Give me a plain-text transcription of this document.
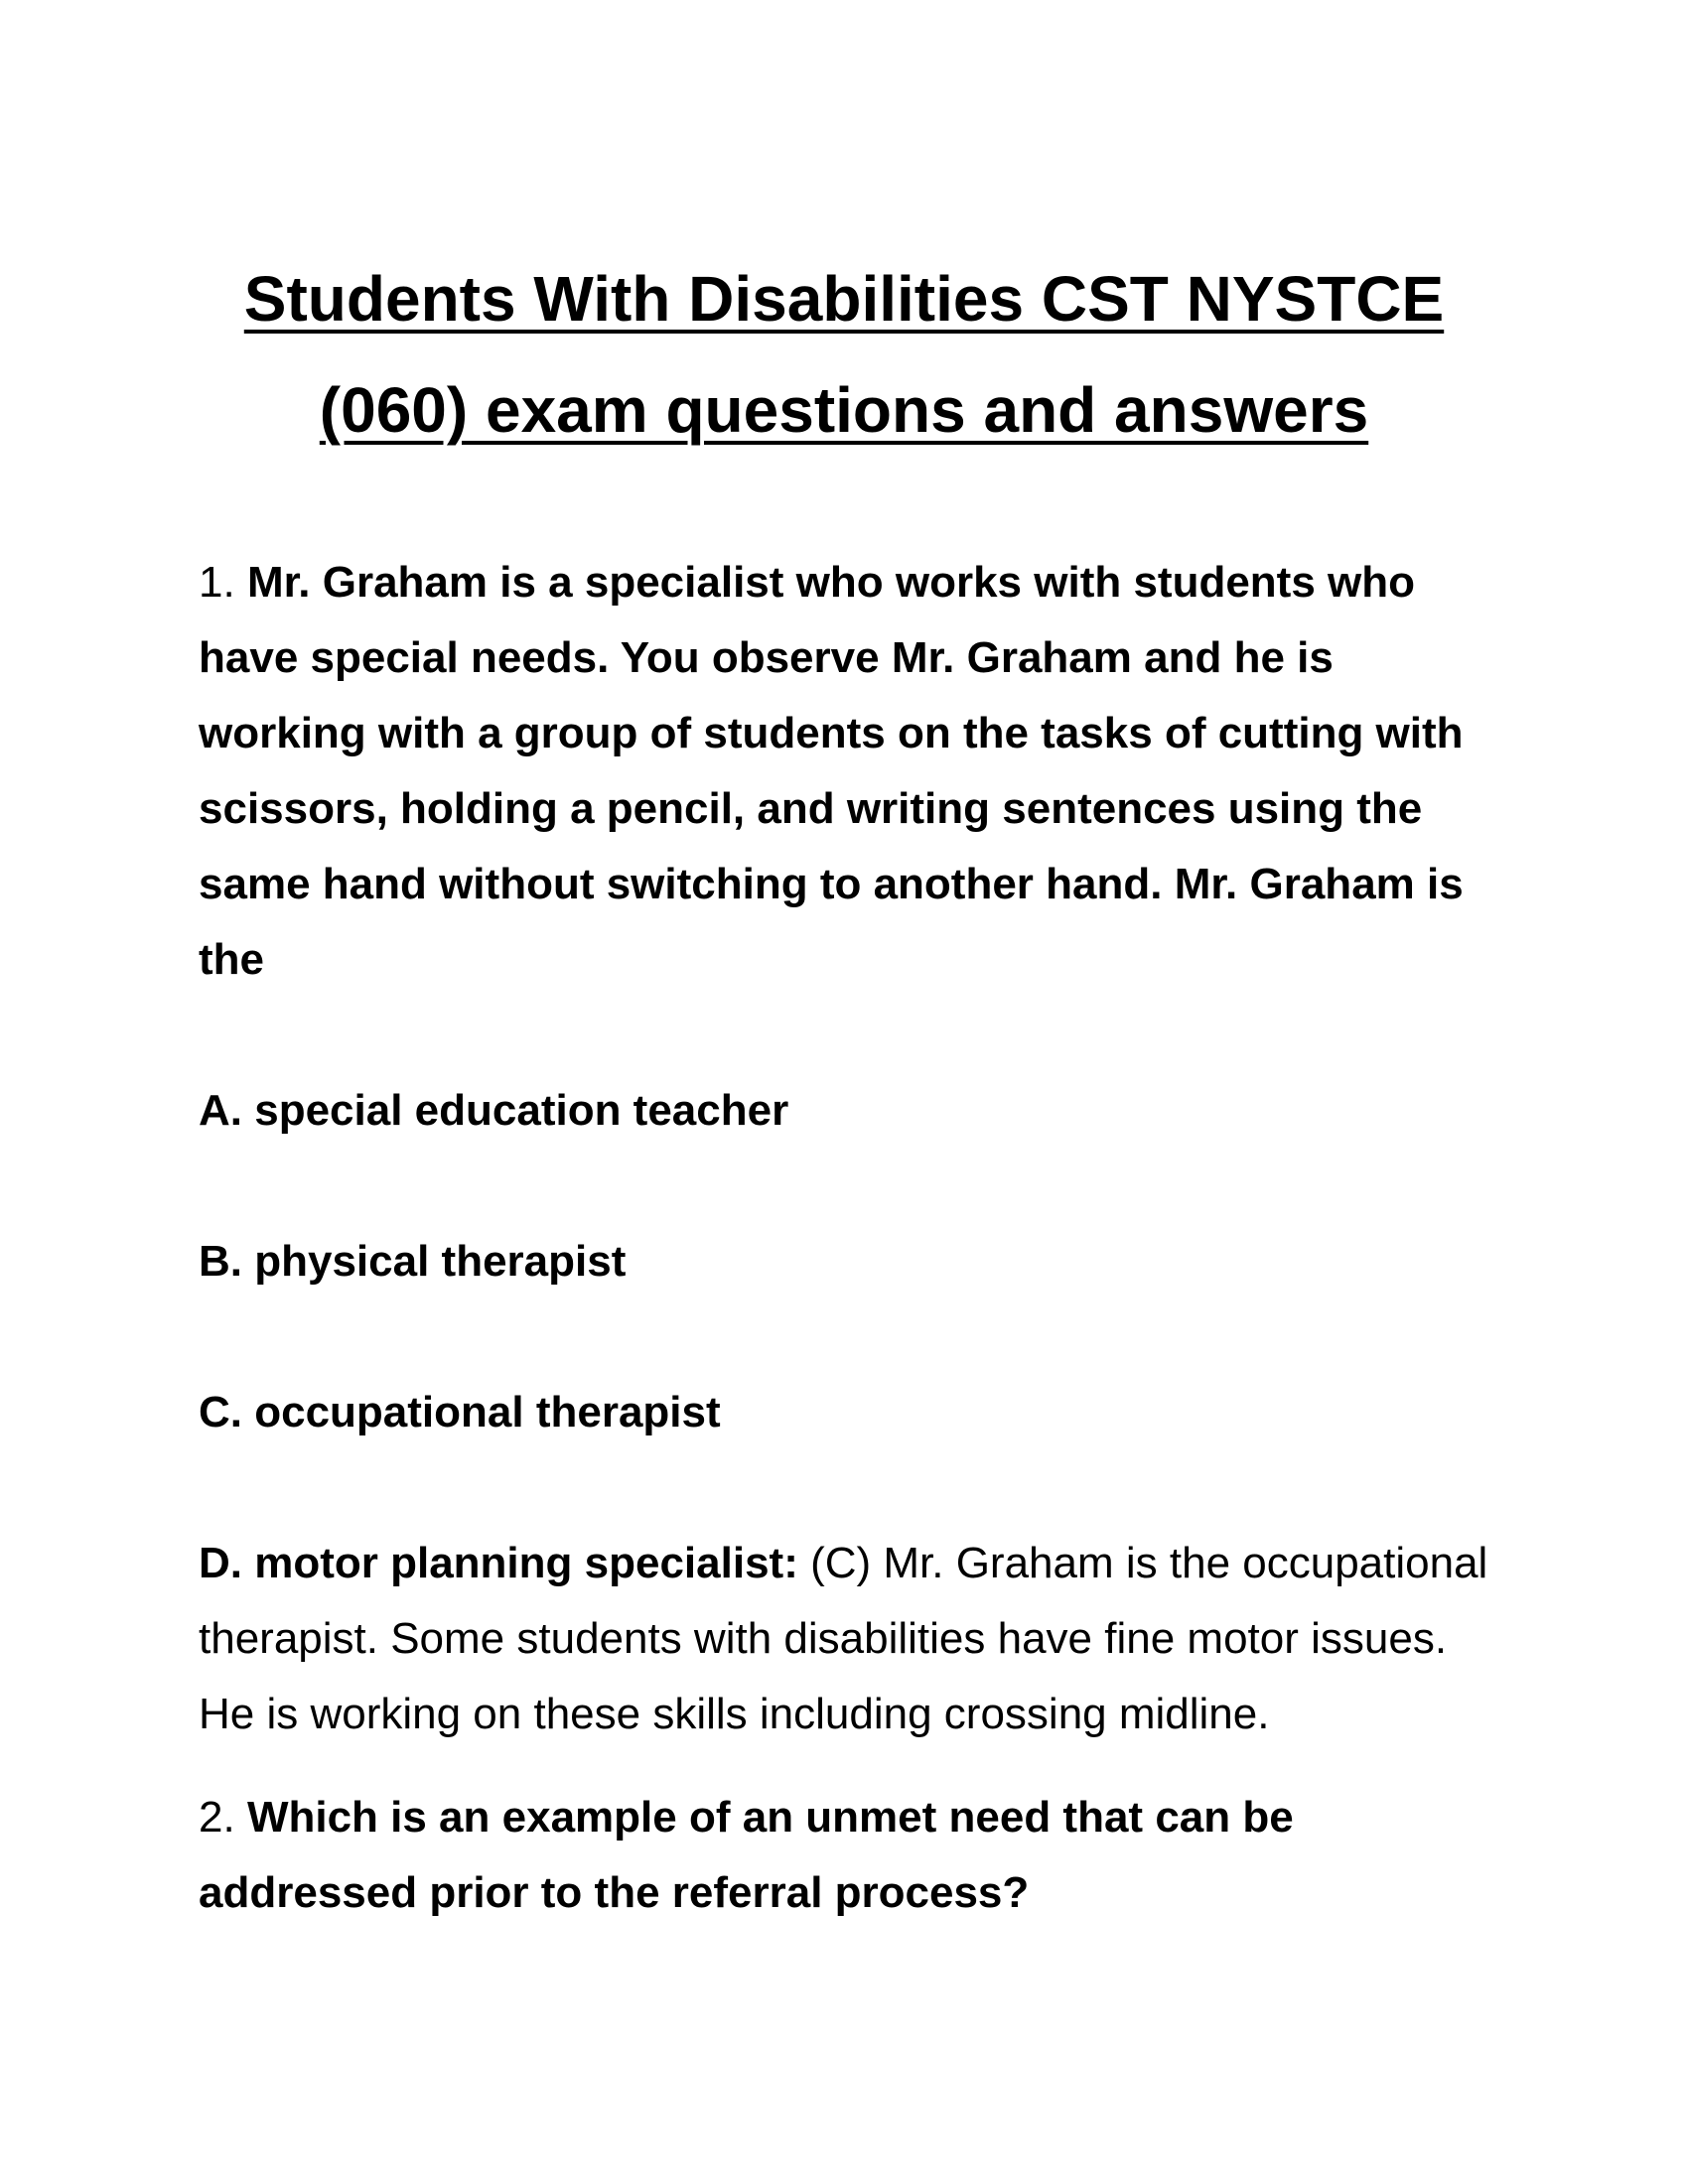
Students With Disabilities CST NYSTCE
(060) exam questions and answers

1. Mr. Graham is a specialist who works with students who have special needs. You observe Mr. Graham and he is working with a group of students on the tasks of cutting with scissors, holding a pencil, and writing sentences using the same hand without switching to another hand. Mr. Graham is the

A. special education teacher

B. physical therapist

C. occupational therapist

D. motor planning specialist: (C) Mr. Graham is the occupational therapist. Some students with disabilities have fine motor issues. He is working on these skills including crossing midline.

2. Which is an example of an unmet need that can be addressed prior to the referral process?
